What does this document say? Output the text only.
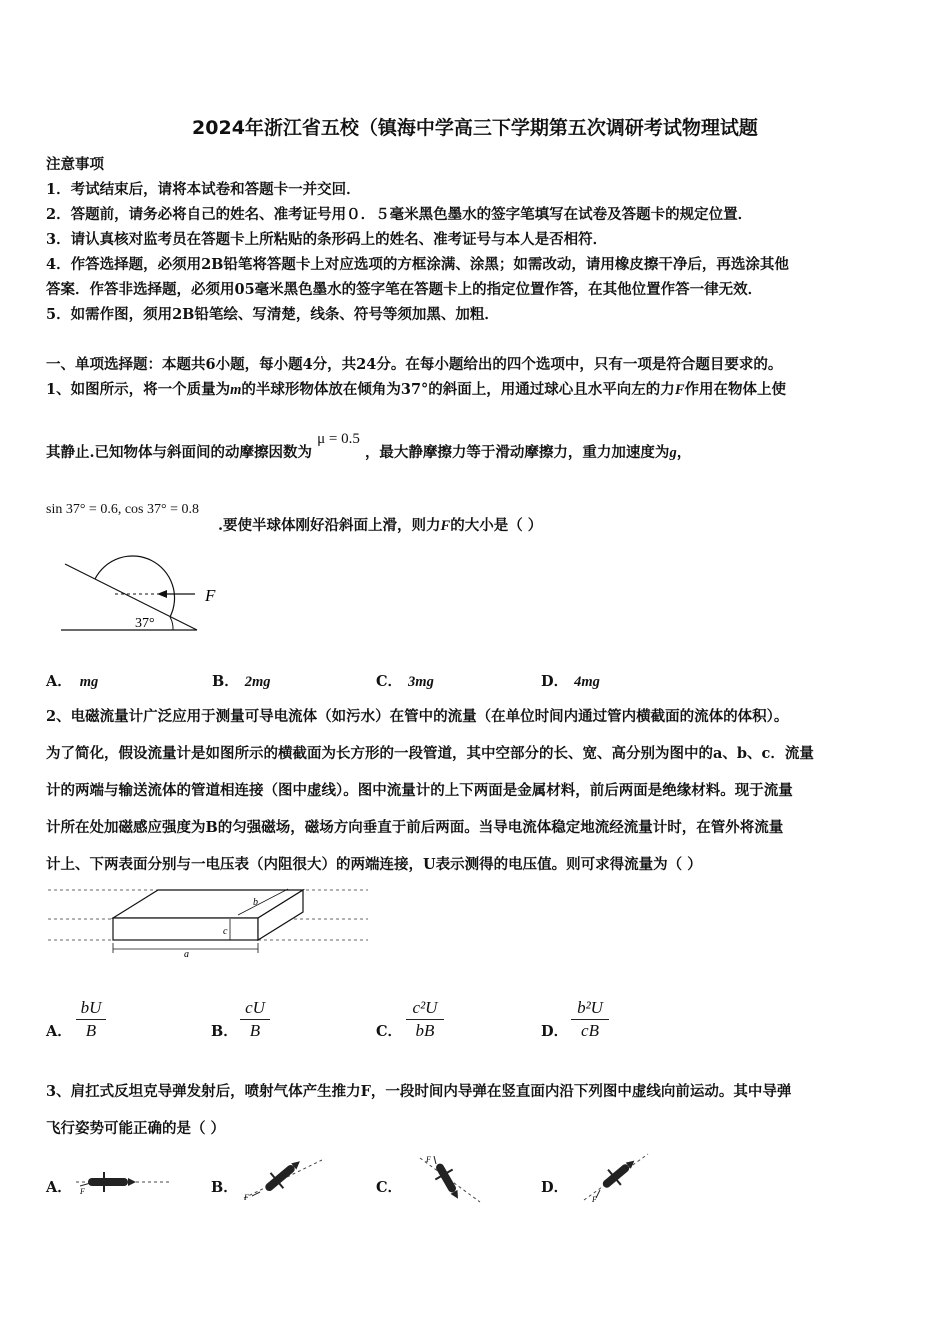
2024年浙江省五校（镇海中学高三下学期第五次调研考试物理试题
注意事项
1．考试结束后，请将本试卷和答题卡一并交回．
2．答题前，请务必将自己的姓名、准考证号用０．５毫米黑色墨水的签字笔填写在试卷及答题卡的规定位置．
3．请认真核对监考员在答题卡上所粘贴的条形码上的姓名、准考证号与本人是否相符．
4．作答选择题，必须用2B铅笔将答题卡上对应选项的方框涂满、涂黑；如需改动，请用橡皮擦干净后，再选涂其他
答案．作答非选择题，必须用05毫米黑色墨水的签字笔在答题卡上的指定位置作答，在其他位置作答一律无效．
5．如需作图，须用2B铅笔绘、写清楚，线条、符号等须加黑、加粗．
一、单项选择题：本题共6小题，每小题4分，共24分。在每小题给出的四个选项中，只有一项是符合题目要求的。
1、如图所示，将一个质量为m的半球形物体放在倾角为37°的斜面上，用通过球心且水平向左的力F作用在物体上使
其静止.已知物体与斜面间的动摩擦因数为 μ = 0.5 ，最大静摩擦力等于滑动摩擦力，重力加速度为g，
sin 37° = 0.6, cos 37° = 0.8
.要使半球体刚好沿斜面上滑，则力F的大小是（ ）
F
37°
A． mg	B． 2mg	C． 3mg	D． 4mg
2、电磁流量计广泛应用于测量可导电流体（如污水）在管中的流量（在单位时间内通过管内横截面的流体的体积）。
为了简化，假设流量计是如图所示的横截面为长方形的一段管道，其中空部分的长、宽、高分别为图中的a、b、c．流量
计的两端与输送流体的管道相连接（图中虚线）。图中流量计的上下两面是金属材料，前后两面是绝缘材料。现于流量
计所在处加磁感应强度为B的匀强磁场，磁场方向垂直于前后两面。当导电流体稳定地流经流量计时，在管外将流量
计上、下两表面分别与一电压表（内阻很大）的两端连接，U表示测得的电压值。则可求得流量为（ ）
b
c
a
A．
bU
B	B．
cU
B	C．
c²U
bB	D．
b²U
cB
3、肩扛式反坦克导弹发射后，喷射气体产生推力F，一段时间内导弹在竖直面内沿下列图中虚线向前运动。其中导弹
飞行姿势可能正确的是（ ）
A． F	B．
F
C．
F
D．
F
